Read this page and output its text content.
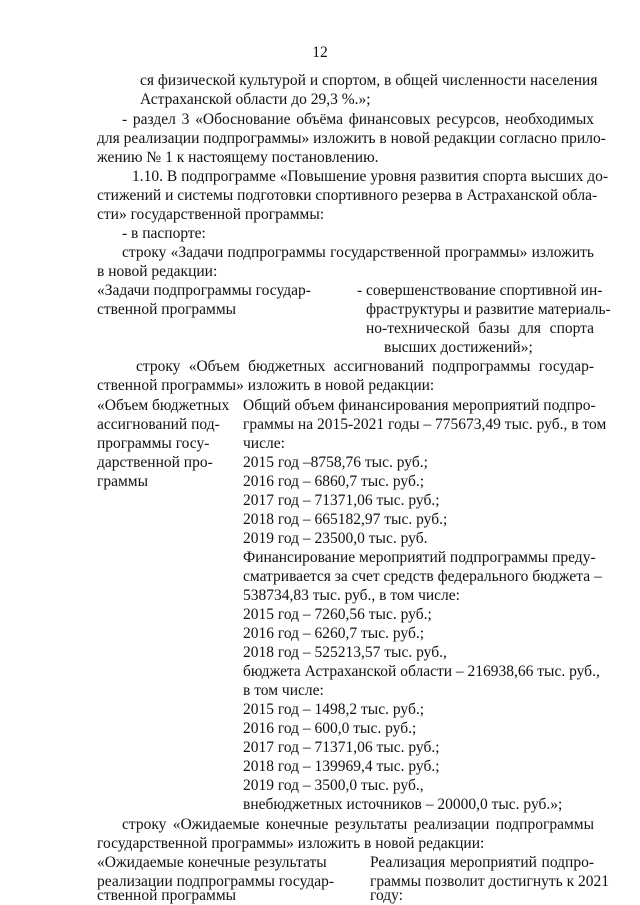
12
ся физической культурой и спортом, в общей численности населения
Астраханской области до 29,3 %.»;
- раздел 3 «Обоснование объёма финансовых ресурсов, необходимых
для реализации подпрограммы» изложить в новой редакции согласно прило-
жению № 1 к настоящему постановлению.
1.10. В подпрограмме «Повышение уровня развития спорта высших до-
стижений и системы подготовки спортивного резерва в Астраханской обла-
сти» государственной программы:
- в паспорте:
строку «Задачи подпрограммы государственной программы» изложить
в новой редакции:
«Задачи подпрограммы государ-
ственной программы
- совершенствование спортивной ин-
фраструктуры и развитие материаль-
но-технической базы для спорта
высших достижений»;
строку «Объем бюджетных ассигнований подпрограммы государ-
ственной программы» изложить в новой редакции:
«Объем бюджетных
ассигнований под-
программы госу-
дарственной про-
граммы
Общий объем финансирования мероприятий подпро-
граммы на 2015-2021 годы – 775673,49 тыс. руб., в том
числе:
2015 год –8758,76 тыс. руб.;
2016 год – 6860,7 тыс. руб.;
2017 год – 71371,06 тыс. руб.;
2018 год – 665182,97 тыс. руб.;
2019 год – 23500,0 тыс. руб.
Финансирование мероприятий подпрограммы преду-
сматривается за счет средств федерального бюджета –
538734,83 тыс. руб., в том числе:
2015 год – 7260,56 тыс. руб.;
2016 год – 6260,7 тыс. руб.;
2018 год – 525213,57 тыс. руб.,
бюджета Астраханской области – 216938,66 тыс. руб.,
в том числе:
2015 год – 1498,2 тыс. руб.;
2016 год – 600,0 тыс. руб.;
2017 год – 71371,06 тыс. руб.;
2018 год – 139969,4 тыс. руб.;
2019 год – 3500,0 тыс. руб.,
внебюджетных источников – 20000,0 тыс. руб.»;
строку «Ожидаемые конечные результаты реализации подпрограммы
государственной программы» изложить в новой редакции:
«Ожидаемые конечные результаты
реализации подпрограммы государ-
ственной программы
Реализация мероприятий подпро-
граммы позволит достигнуть к 2021
году:
